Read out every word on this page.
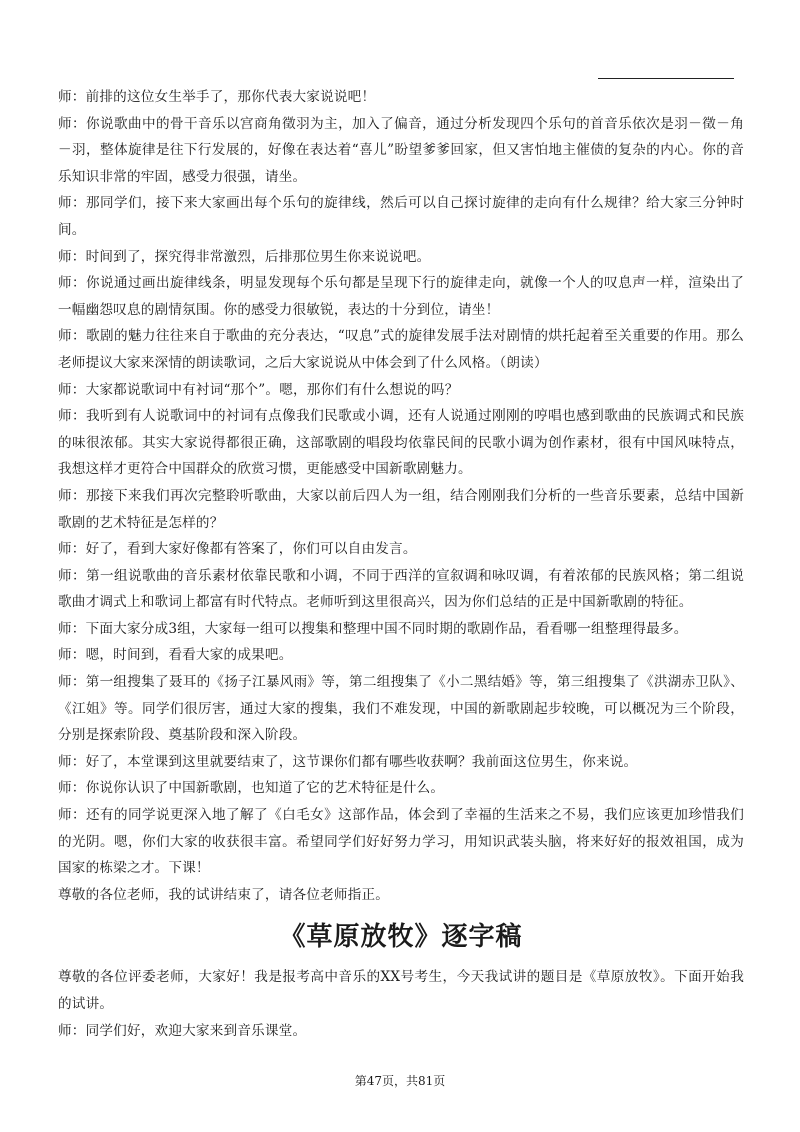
师：前排的这位女生举手了，那你代表大家说说吧！

师：你说歌曲中的骨干音乐以宫商角徵羽为主，加入了偏音，通过分析发现四个乐句的首音乐依次是羽－徵－角－羽，整体旋律是往下行发展的，好像在表达着“喜儿”盼望爹爹回家，但又害怕地主催债的复杂的内心。你的音乐知识非常的牢固，感受力很强，请坐。

师：那同学们，接下来大家画出每个乐句的旋律线，然后可以自己探讨旋律的走向有什么规律？给大家三分钟时间。

师：时间到了，探究得非常激烈，后排那位男生你来说说吧。

师：你说通过画出旋律线条，明显发现每个乐句都是呈现下行的旋律走向，就像一个人的叹息声一样，渲染出了一幅幽怨叹息的剧情氛围。你的感受力很敏锐，表达的十分到位，请坐！

师：歌剧的魅力往往来自于歌曲的充分表达，“叹息”式的旋律发展手法对剧情的烘托起着至关重要的作用。那么老师提议大家来深情的朗读歌词，之后大家说说从中体会到了什么风格。（朗读）

师：大家都说歌词中有衬词“那个”。嗯，那你们有什么想说的吗？

师：我听到有人说歌词中的衬词有点像我们民歌或小调，还有人说通过刚刚的哼唱也感到歌曲的民族调式和民族的味很浓郁。其实大家说得都很正确，这部歌剧的唱段均依靠民间的民歌小调为创作素材，很有中国风味特点，我想这样才更符合中国群众的欣赏习惯，更能感受中国新歌剧魅力。

师：那接下来我们再次完整聆听歌曲，大家以前后四人为一组，结合刚刚我们分析的一些音乐要素，总结中国新歌剧的艺术特征是怎样的？

师：好了，看到大家好像都有答案了，你们可以自由发言。

师：第一组说歌曲的音乐素材依靠民歌和小调，不同于西洋的宣叙调和咏叹调，有着浓郁的民族风格；第二组说歌曲才调式上和歌词上都富有时代特点。老师听到这里很高兴，因为你们总结的正是中国新歌剧的特征。

师：下面大家分成3组，大家每一组可以搜集和整理中国不同时期的歌剧作品，看看哪一组整理得最多。

师：嗯，时间到，看看大家的成果吧。

师：第一组搜集了聂耳的《扬子江暴风雨》等，第二组搜集了《小二黑结婚》等，第三组搜集了《洪湖赤卫队》、《江姐》等。同学们很厉害，通过大家的搜集，我们不难发现，中国的新歌剧起步较晚，可以概况为三个阶段，分别是探索阶段、奠基阶段和深入阶段。

师：好了，本堂课到这里就要结束了，这节课你们都有哪些收获啊？我前面这位男生，你来说。

师：你说你认识了中国新歌剧，也知道了它的艺术特征是什么。

师：还有的同学说更深入地了解了《白毛女》这部作品，体会到了幸福的生活来之不易，我们应该更加珍惜我们的光阴。嗯，你们大家的收获很丰富。希望同学们好好努力学习，用知识武装头脑，将来好好的报效祖国，成为国家的栋梁之才。下课！

尊敬的各位老师，我的试讲结束了，请各位老师指正。

《草原放牧》逐字稿

尊敬的各位评委老师，大家好！我是报考高中音乐的XX号考生，今天我试讲的题目是《草原放牧》。下面开始我的试讲。

师：同学们好，欢迎大家来到音乐课堂。

第47页，共81页
